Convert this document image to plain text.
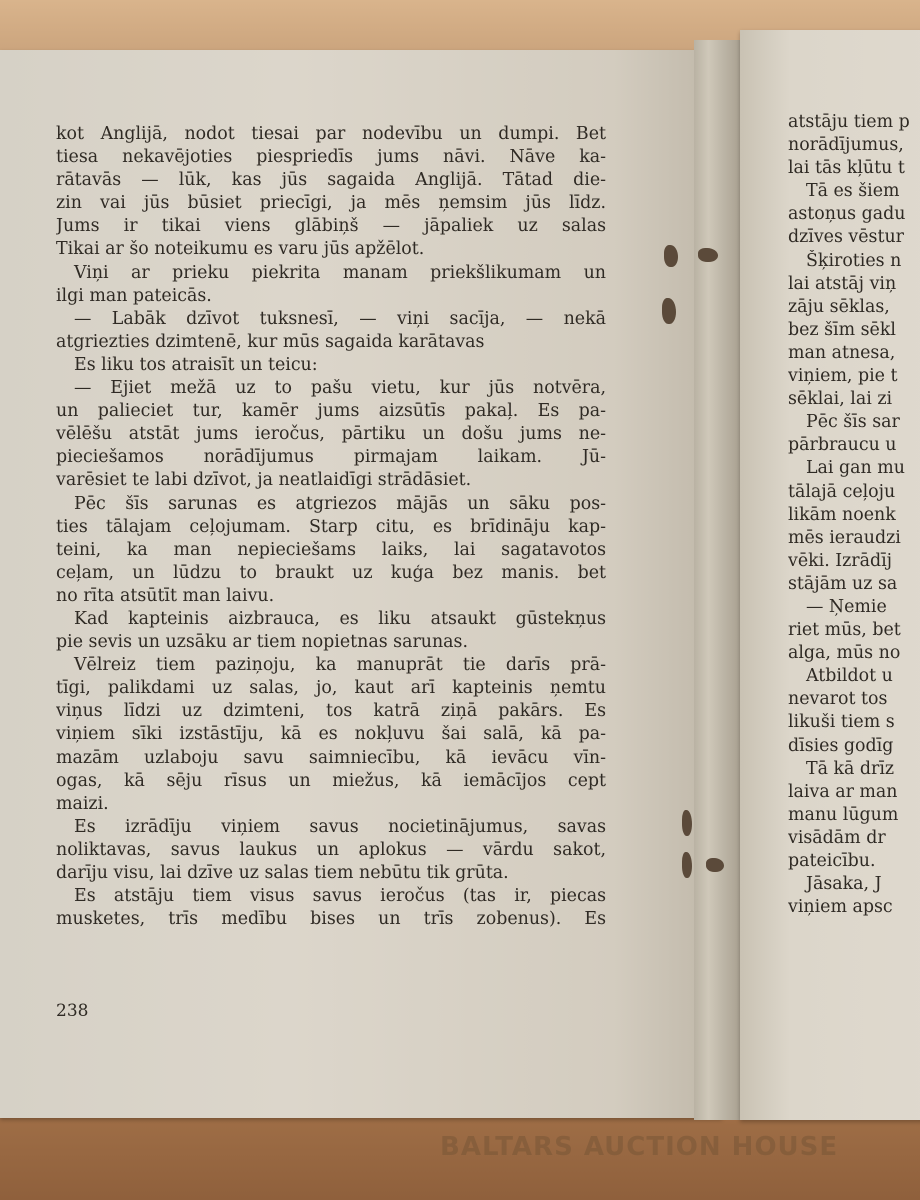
kot Anglijā, nodot tiesai par nodevību un dumpi. Bet
tiesa nekavējoties piespriedīs jums nāvi. Nāve ka-
rātavās — lūk, kas jūs sagaida Anglijā. Tātad die-
zin vai jūs būsiet priecīgi, ja mēs ņemsim jūs līdz.
Jums ir tikai viens glābiņš — jāpaliek uz salas
Tikai ar šo noteikumu es varu jūs apžēlot.
Viņi ar prieku piekrita manam priekšlikumam un
ilgi man pateicās.
— Labāk dzīvot tuksnesī, — viņi sacīja, — nekā
atgriezties dzimtenē, kur mūs sagaida karātavas
Es liku tos atraisīt un teicu:
— Ejiet mežā uz to pašu vietu, kur jūs notvēra,
un palieciet tur, kamēr jums aizsūtīs pakaļ. Es pa-
vēlēšu atstāt jums ieročus, pārtiku un došu jums ne-
pieciešamos norādījumus pirmajam laikam. Jū-
varēsiet te labi dzīvot, ja neatlaidīgi strādāsiet.
Pēc šīs sarunas es atgriezos mājās un sāku pos-
ties tālajam ceļojumam. Starp citu, es brīdināju kap-
teini, ka man nepieciešams laiks, lai sagatavotos
ceļam, un lūdzu to braukt uz kuģa bez manis. bet
no rīta atsūtīt man laivu.
Kad kapteinis aizbrauca, es liku atsaukt gūstekņus
pie sevis un uzsāku ar tiem nopietnas sarunas.
Vēlreiz tiem paziņoju, ka manuprāt tie darīs prā-
tīgi, palikdami uz salas, jo, kaut arī kapteinis ņemtu
viņus līdzi uz dzimteni, tos katrā ziņā pakārs. Es
viņiem sīki izstāstīju, kā es nokļuvu šai salā, kā pa-
mazām uzlaboju savu saimniecību, kā ievācu vīn-
ogas, kā sēju rīsus un miežus, kā iemācījos cept
maizi.
Es izrādīju viņiem savus nocietinājumus, savas
noliktavas, savus laukus un aplokus — vārdu sakot,
darīju visu, lai dzīve uz salas tiem nebūtu tik grūta.
Es atstāju tiem visus savus ieročus (tas ir, piecas
musketes, trīs medību bises un trīs zobenus). Es
238
atstāju tiem p
norādījumus,
lai tās kļūtu t
Tā es šiem
astoņus gadu
dzīves vēstur
Šķiroties n
lai atstāj viņ
zāju sēklas,
bez šīm sēkl
man atnesa,
viņiem, pie t
sēklai, lai zi
Pēc šīs sar
pārbraucu u
Lai gan mu
tālajā ceļoju
likām noenk
mēs ieraudzi
vēki. Izrādīj
stājām uz sa
— Ņemie
riet mūs, bet
alga, mūs no
Atbildot u
nevarot tos
likuši tiem s
dīsies godīg
Tā kā drīz
laiva ar man
manu lūgum
visādām dr
pateicību.
Jāsaka, J
viņiem apsc
BALTARS AUCTION HOUSE
